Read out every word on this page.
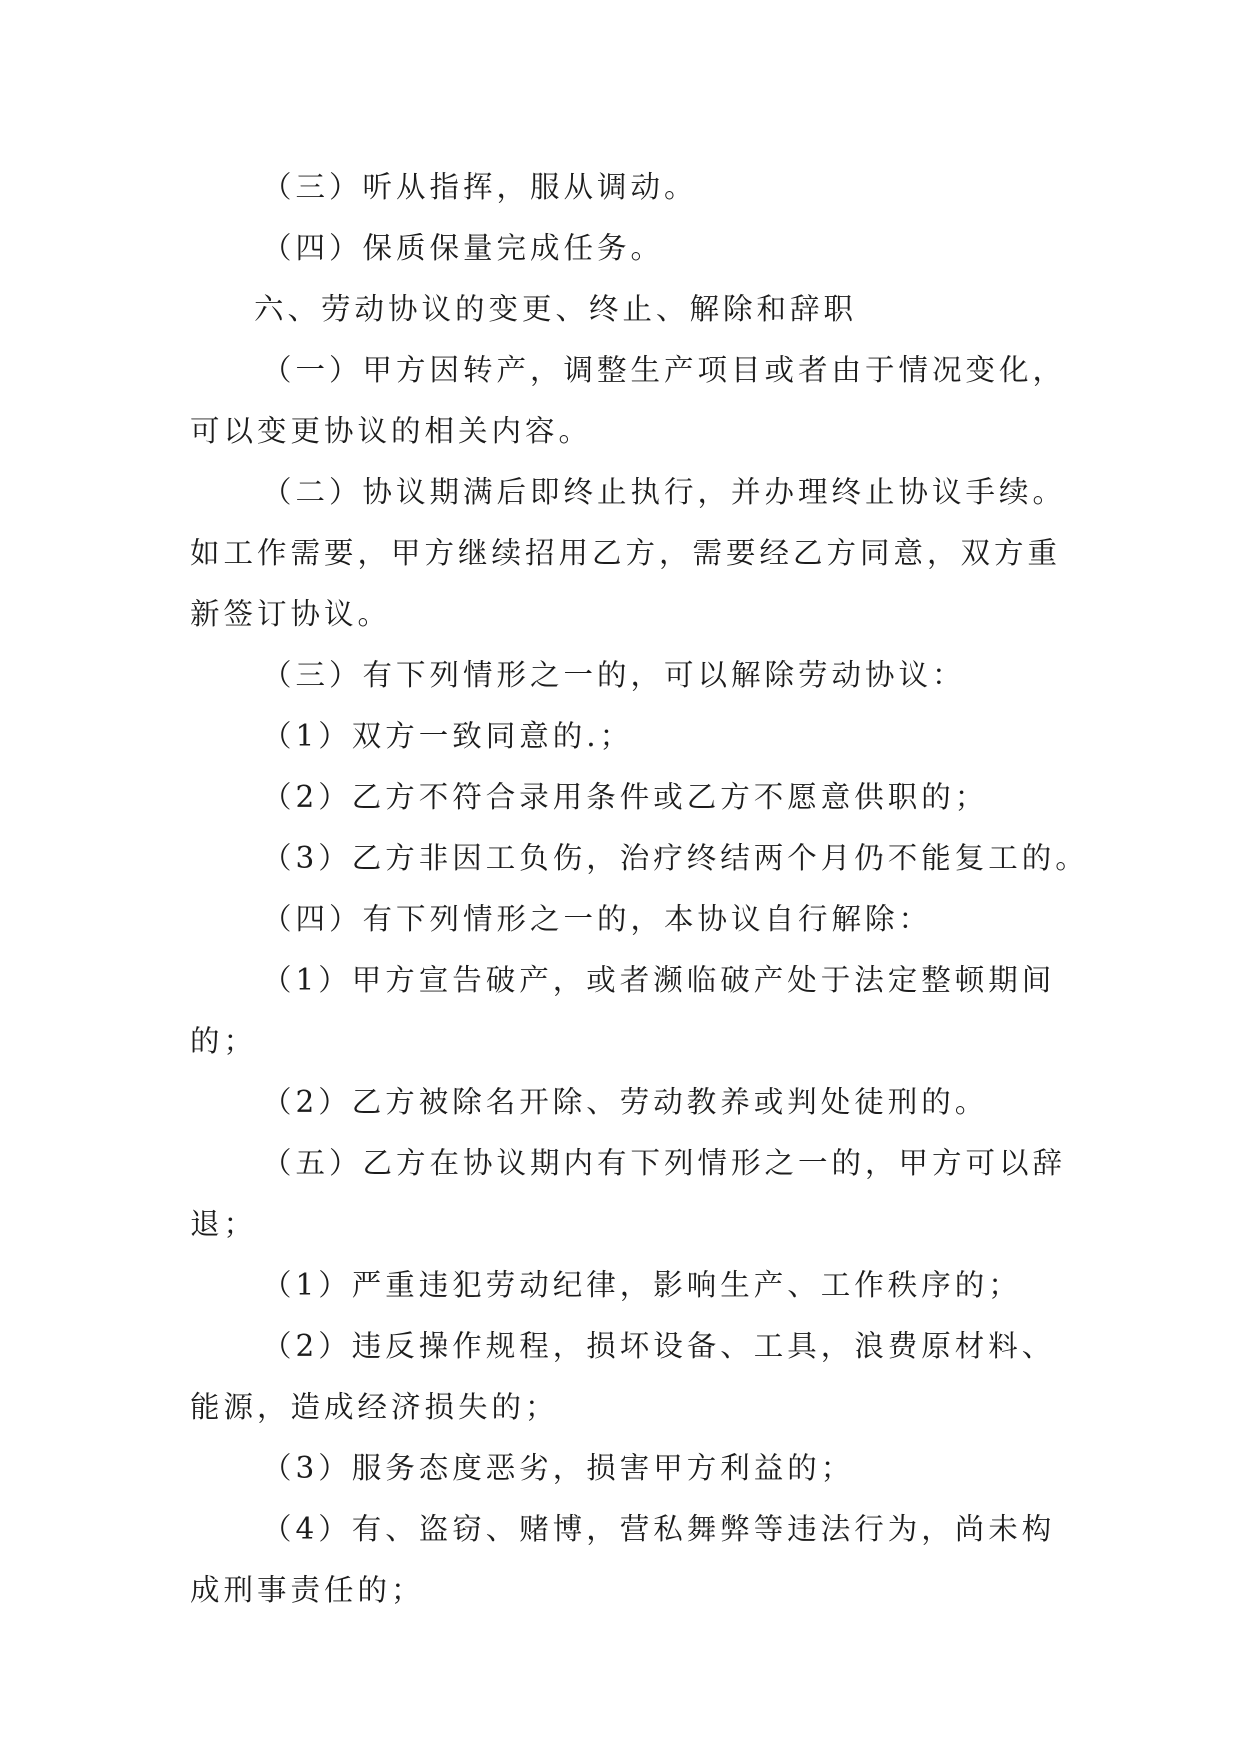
（三）听从指挥，服从调动。
（四）保质保量完成任务。
六、劳动协议的变更、终止、解除和辞职
（一）甲方因转产，调整生产项目或者由于情况变化，
可以变更协议的相关内容。
（二）协议期满后即终止执行，并办理终止协议手续。
如工作需要，甲方继续招用乙方，需要经乙方同意，双方重
新签订协议。
（三）有下列情形之一的，可以解除劳动协议：
（1）双方一致同意的.；
（2）乙方不符合录用条件或乙方不愿意供职的；
（3）乙方非因工负伤，治疗终结两个月仍不能复工的。
（四）有下列情形之一的，本协议自行解除：
（1）甲方宣告破产，或者濒临破产处于法定整顿期间
的；
（2）乙方被除名开除、劳动教养或判处徒刑的。
（五）乙方在协议期内有下列情形之一的，甲方可以辞
退；
（1）严重违犯劳动纪律，影响生产、工作秩序的；
（2）违反操作规程，损坏设备、工具，浪费原材料、
能源，造成经济损失的；
（3）服务态度恶劣，损害甲方利益的；
（4）有、盗窃、赌博，营私舞弊等违法行为，尚未构
成刑事责任的；
